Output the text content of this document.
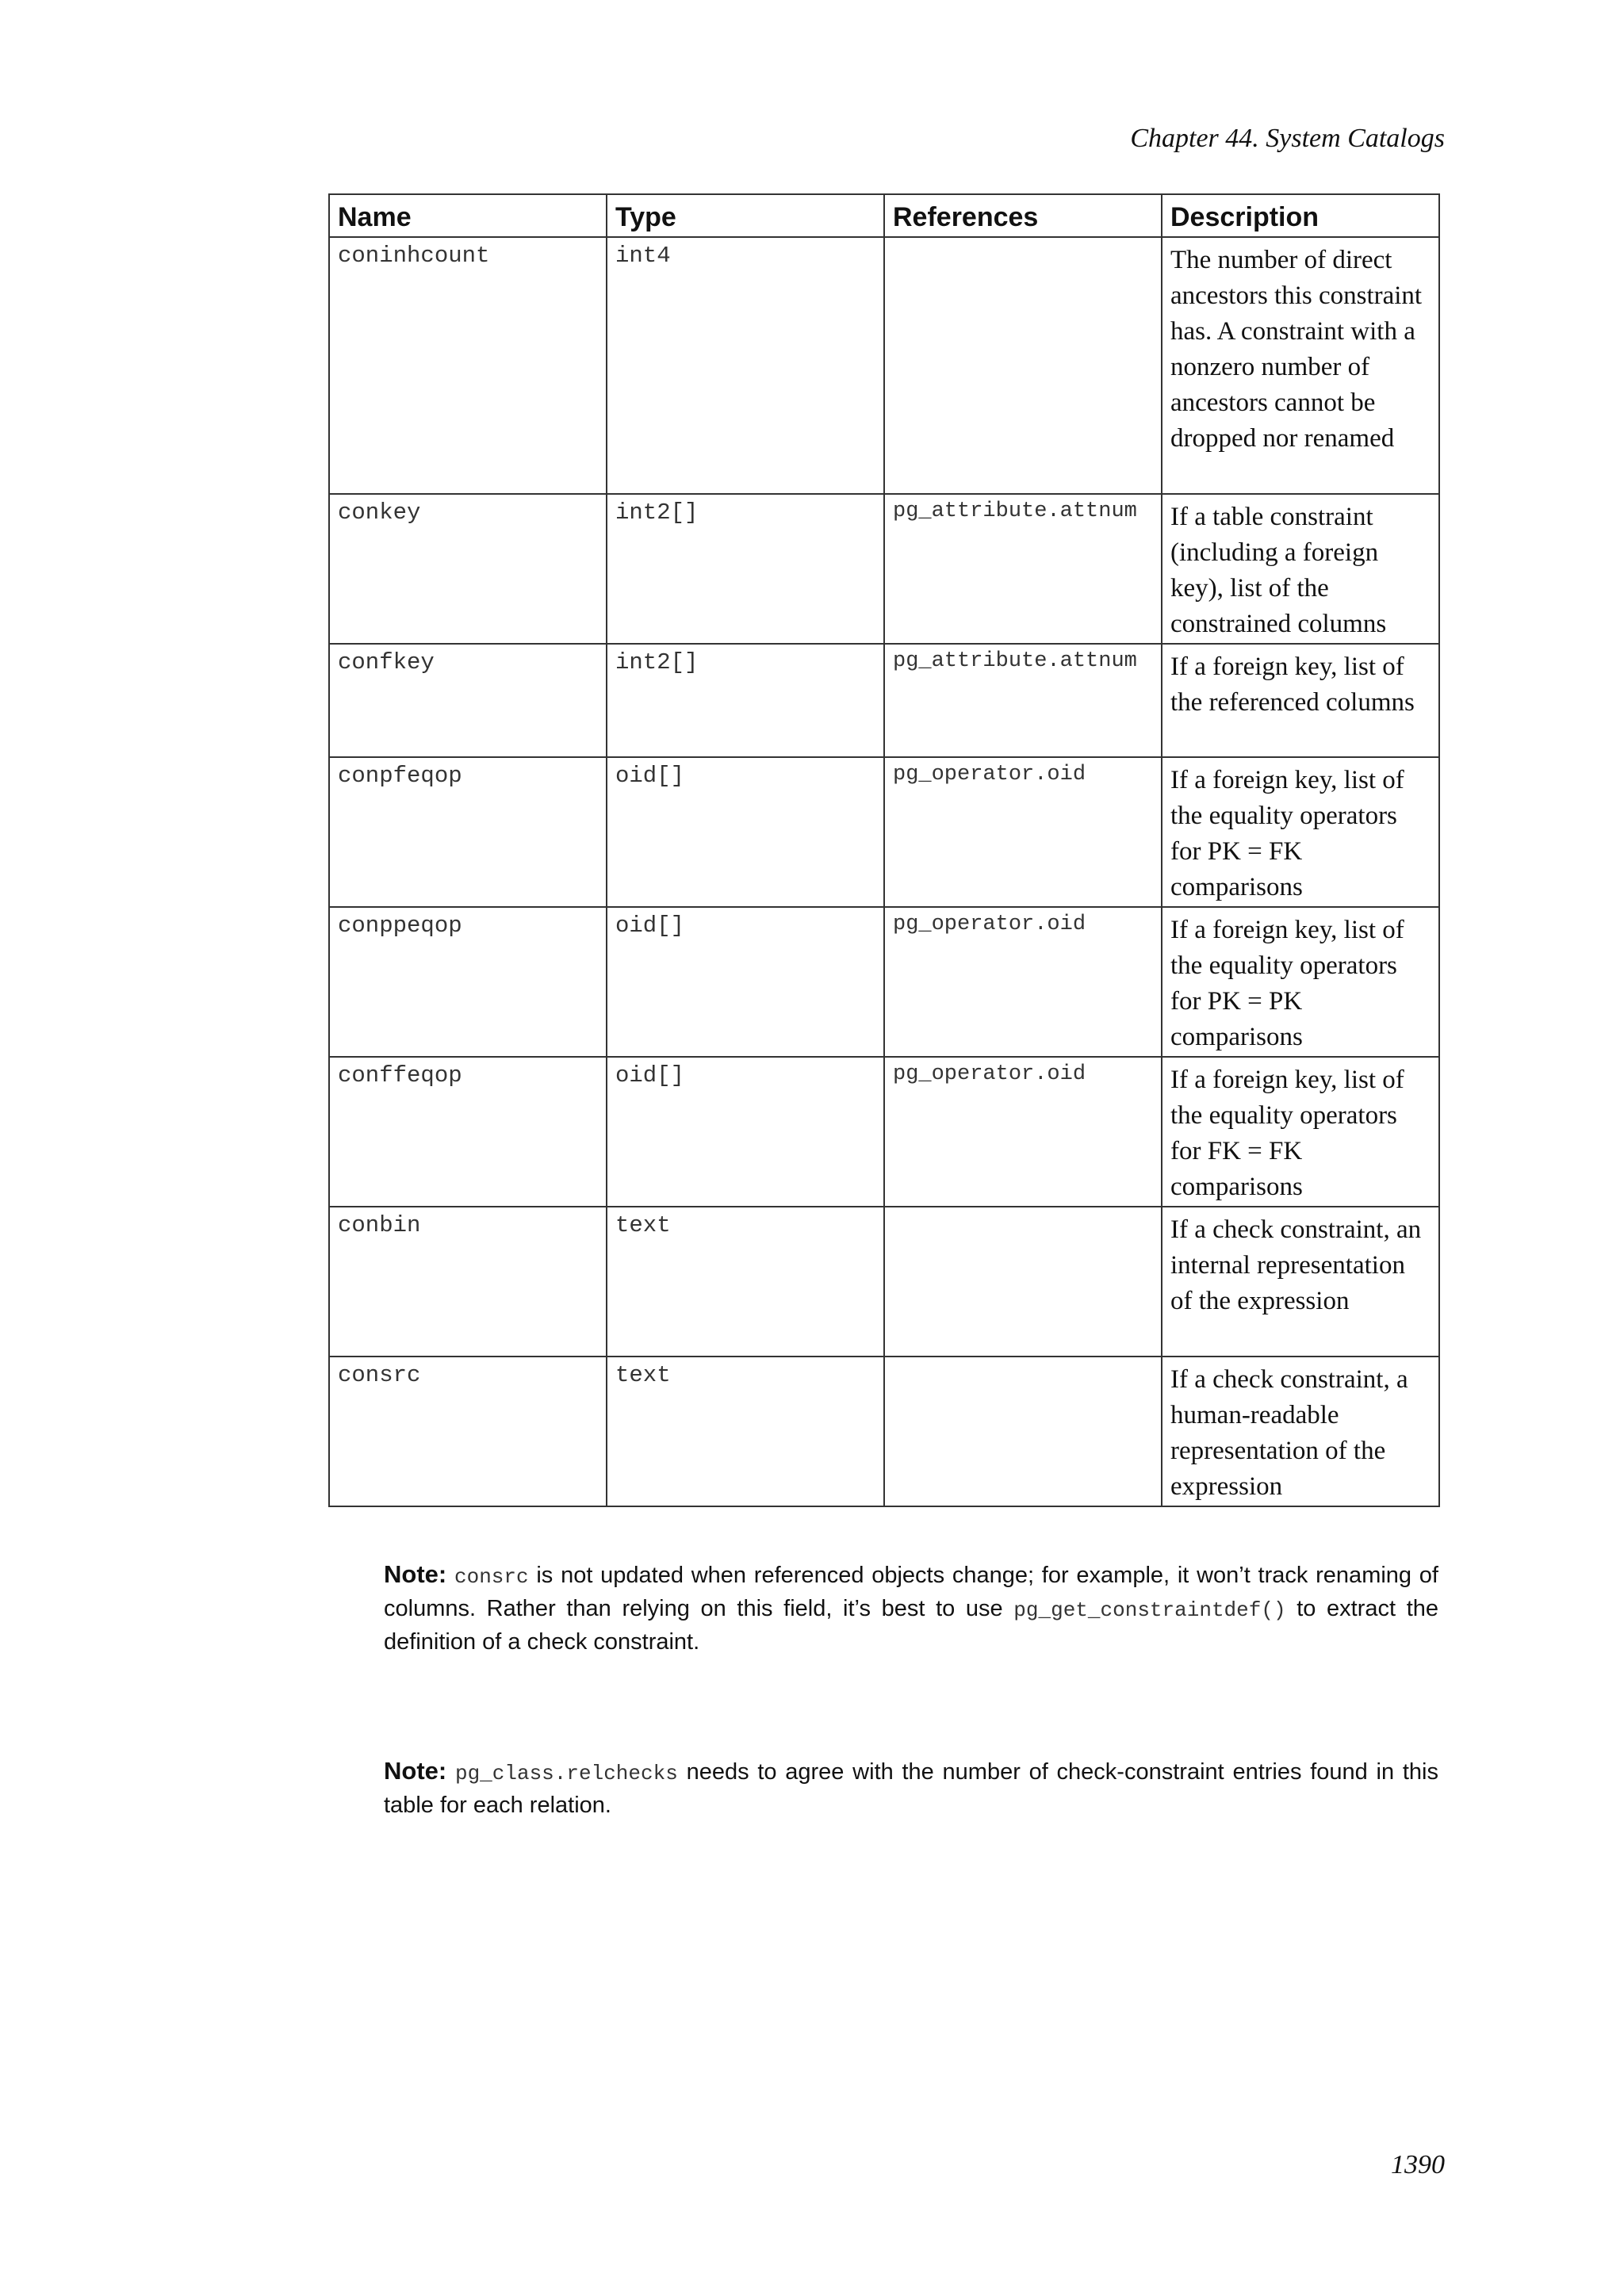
Chapter 44. System Catalogs
Name	Type	References	Description
coninhcount	int4		The number of direct ancestors this constraint has. A constraint with a nonzero number of ancestors cannot be dropped nor renamed
conkey	int2[]	pg_attribute.attnum	If a table constraint (including a foreign key), list of the constrained columns
confkey	int2[]	pg_attribute.attnum	If a foreign key, list of the referenced columns
conpfeqop	oid[]	pg_operator.oid	If a foreign key, list of the equality operators for PK = FK comparisons
conppeqop	oid[]	pg_operator.oid	If a foreign key, list of the equality operators for PK = PK comparisons
conffeqop	oid[]	pg_operator.oid	If a foreign key, list of the equality operators for FK = FK comparisons
conbin	text		If a check constraint, an internal representation of the expression
consrc	text		If a check constraint, a human-readable representation of the expression
Note: consrc is not updated when referenced objects change; for example, it won’t track renaming of columns. Rather than relying on this field, it’s best to use pg_get_constraintdef() to extract the definition of a check constraint.
Note: pg_class.relchecks needs to agree with the number of check-constraint entries found in this table for each relation.
1390
